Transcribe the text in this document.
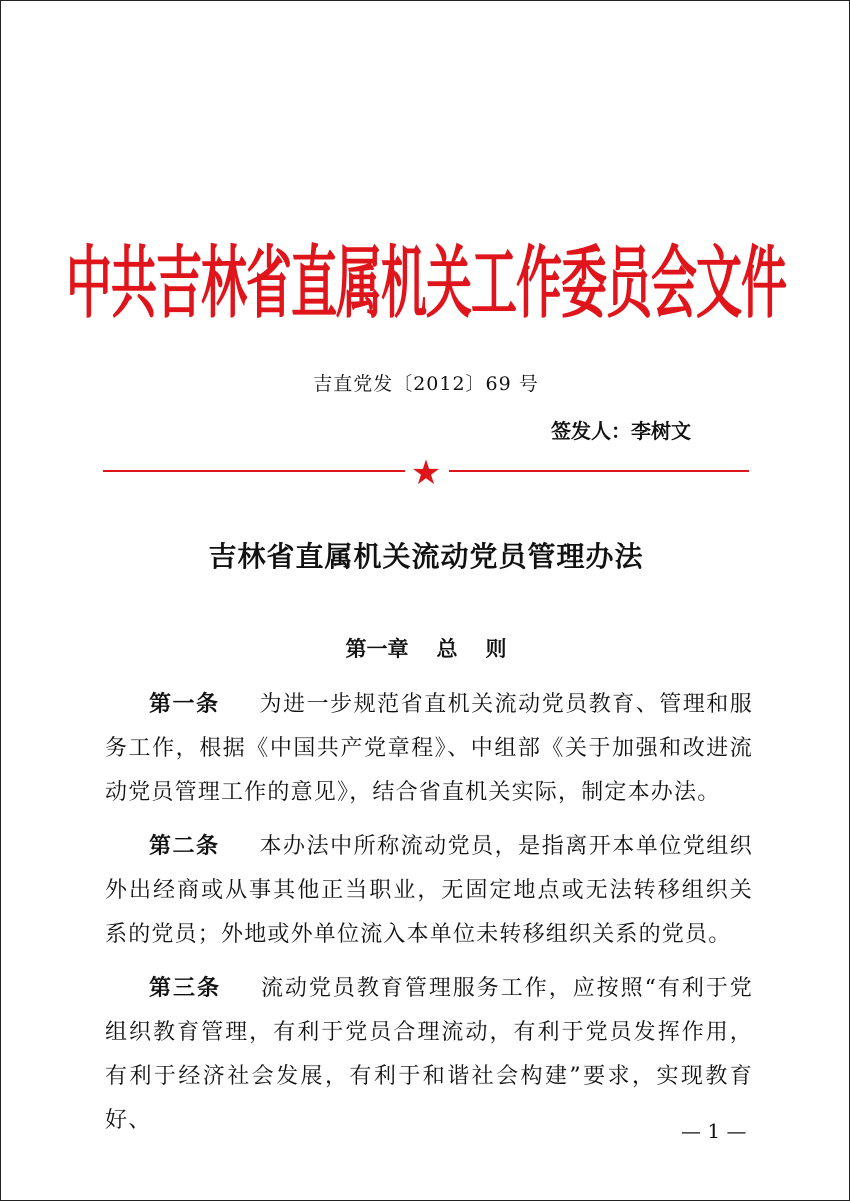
中共吉林省直属机关工作委员会文件
吉直党发〔2012〕69 号
签发人：李树文
★
吉林省直属机关流动党员管理办法
第一章 总 则

第一条 为进一步规范省直机关流动党员教育、管理和服务工作，根据《中国共产党章程》、中组部《关于加强和改进流动党员管理工作的意见》，结合省直机关实际，制定本办法。

第二条 本办法中所称流动党员，是指离开本单位党组织外出经商或从事其他正当职业，无固定地点或无法转移组织关系的党员；外地或外单位流入本单位未转移组织关系的党员。

第三条 流动党员教育管理服务工作，应按照“有利于党组织教育管理，有利于党员合理流动，有利于党员发挥作用，有利于经济社会发展，有利于和谐社会构建”要求，实现教育好、	— 1 —
